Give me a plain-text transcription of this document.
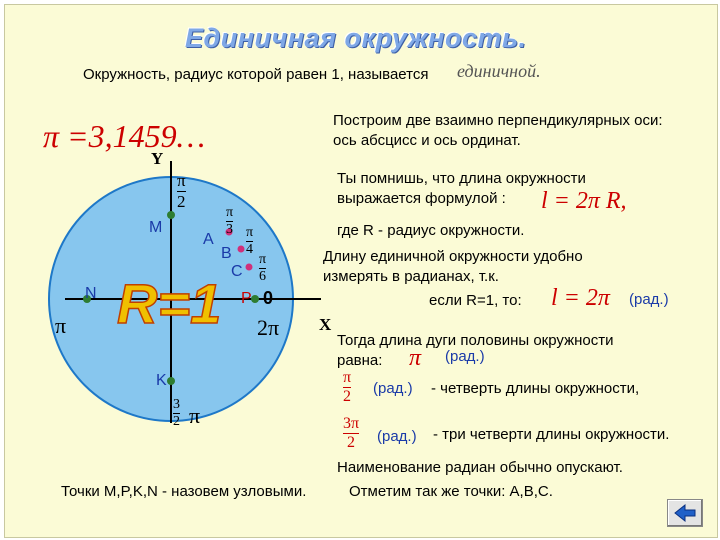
Единичная окружность.
Окружность, радиус которой равен 1, называется единичной.
π =3,1459…
R=1
Y
X
M
N
K
P
A
B
C
π
2
π
3 π
4
π
6
π
0
2π
3
2 π
Построим две взаимно перпендикулярных оси:
ось абсцисс и ось ординат.
Ты помнишь, что длина окружности
выражается формулой :	l = 2π R,
где R - радиус окружности.
Длину единичной окружности удобно
измерять в радианах, т.к.
если R=1, то: l = 2π (рад.)
Тогда длина дуги половины окружности
равна:	π (рад.)
π
2 (рад.) - четверть длины окружности,
3π
2 (рад.) - три четверти длины окружности.
Наименование радиан обычно опускают.
Точки M,P,K,N - назовем узловыми.	Отметим так же точки: А,В,С.
